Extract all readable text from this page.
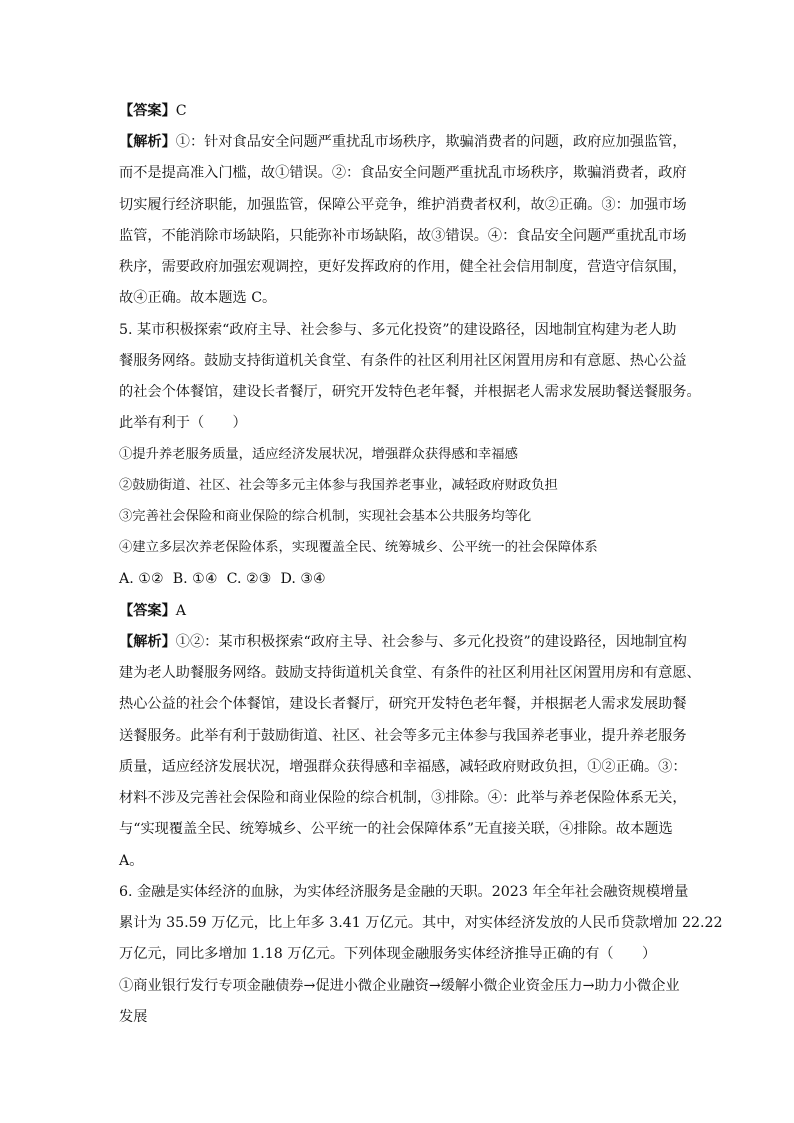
【答案】C
【解析】①：针对食品安全问题严重扰乱市场秩序，欺骗消费者的问题，政府应加强监管，
而不是提高准入门槛，故①错误。②：食品安全问题严重扰乱市场秩序，欺骗消费者，政府
切实履行经济职能，加强监管，保障公平竞争，维护消费者权利，故②正确。③：加强市场
监管，不能消除市场缺陷，只能弥补市场缺陷，故③错误。④：食品安全问题严重扰乱市场
秩序，需要政府加强宏观调控，更好发挥政府的作用，健全社会信用制度，营造守信氛围，
故④正确。故本题选 C。
5. 某市积极探索“政府主导、社会参与、多元化投资”的建设路径，因地制宜构建为老人助
餐服务网络。鼓励支持街道机关食堂、有条件的社区利用社区闲置用房和有意愿、热心公益
的社会个体餐馆，建设长者餐厅，研究开发特色老年餐，并根据老人需求发展助餐送餐服务。
此举有利于（　　）
①提升养老服务质量，适应经济发展状况，增强群众获得感和幸福感
②鼓励街道、社区、社会等多元主体参与我国养老事业，减轻政府财政负担
③完善社会保险和商业保险的综合机制，实现社会基本公共服务均等化
④建立多层次养老保险体系，实现覆盖全民、统筹城乡、公平统一的社会保障体系
A. ①②  B. ①④  C. ②③  D. ③④
【答案】A
【解析】①②：某市积极探索“政府主导、社会参与、多元化投资”的建设路径，因地制宜构
建为老人助餐服务网络。鼓励支持街道机关食堂、有条件的社区利用社区闲置用房和有意愿、
热心公益的社会个体餐馆，建设长者餐厅，研究开发特色老年餐，并根据老人需求发展助餐
送餐服务。此举有利于鼓励街道、社区、社会等多元主体参与我国养老事业，提升养老服务
质量，适应经济发展状况，增强群众获得感和幸福感，减轻政府财政负担，①②正确。③：
材料不涉及完善社会保险和商业保险的综合机制，③排除。④：此举与养老保险体系无关，
与“实现覆盖全民、统筹城乡、公平统一的社会保障体系”无直接关联，④排除。故本题选
A。
6. 金融是实体经济的血脉，为实体经济服务是金融的天职。2023 年全年社会融资规模增量
累计为 35.59 万亿元，比上年多 3.41 万亿元。其中，对实体经济发放的人民币贷款增加 22.22
万亿元，同比多增加 1.18 万亿元。下列体现金融服务实体经济推导正确的有（　　）
①商业银行发行专项金融债券→促进小微企业融资→缓解小微企业资金压力→助力小微企业
发展
